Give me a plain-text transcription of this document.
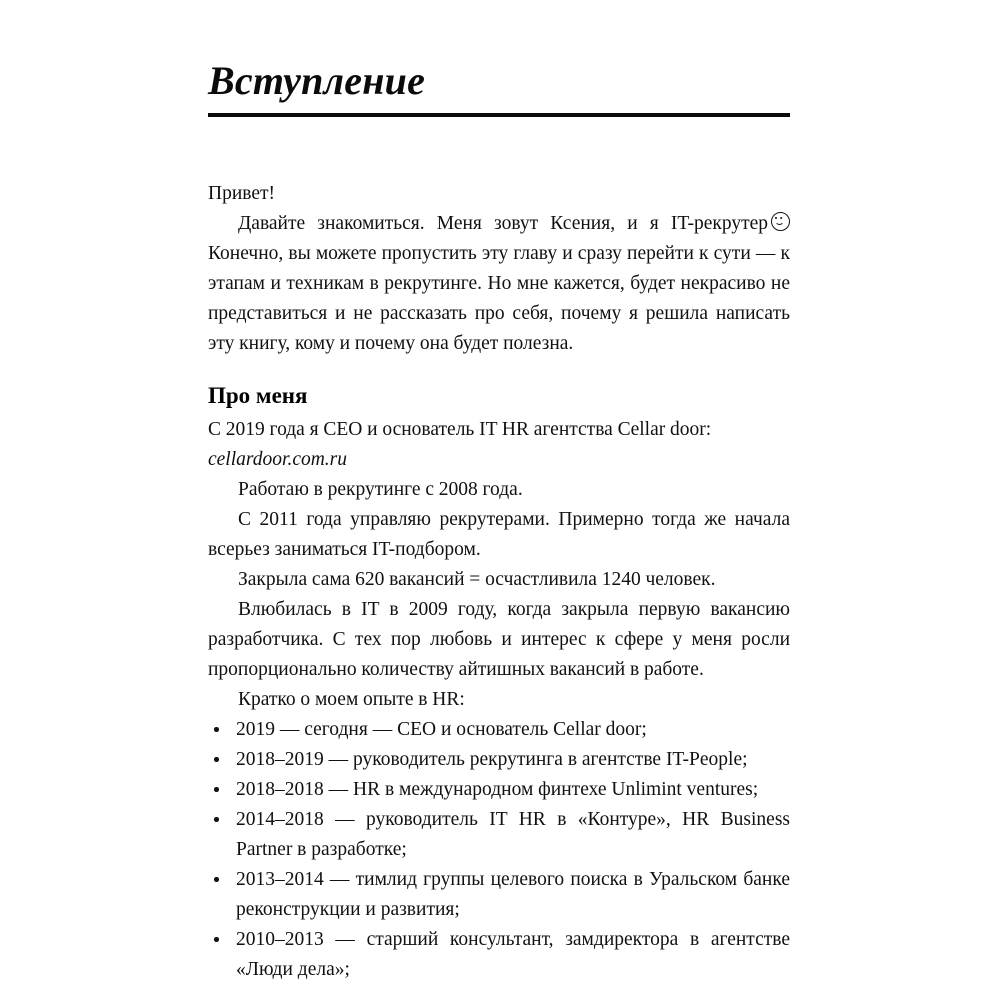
Вступление

Привет!

Давайте знакомиться. Меня зовут Ксения, и я IT-рекрутер Конечно, вы можете пропустить эту главу и сразу перейти к сути — к этапам и техникам в рекрутинге. Но мне кажется, будет некрасиво не представиться и не рассказать про себя, почему я решила написать эту книгу, кому и почему она будет полезна.

Про меня

С 2019 года я CEO и основатель IT HR агентства Cellar door:

cellardoor.com.ru

Работаю в рекрутинге с 2008 года.

С 2011 года управляю рекрутерами. Примерно тогда же начала всерьез заниматься IT-подбором.

Закрыла сама 620 вакансий = осчастливила 1240 человек.

Влюбилась в IT в 2009 году, когда закрыла первую вакансию разработчика. С тех пор любовь и интерес к сфере у меня росли пропорционально количеству айтишных вакансий в работе.

Кратко о моем опыте в HR:

2019 — сегодня — CEO и основатель Cellar door;
2018–2019 — руководитель рекрутинга в агентстве IT-People;
2018–2018 — HR в международном финтехе Unlimint ventures;
2014–2018 — руководитель IT HR в «Контуре», HR Business Partner в разработке;
2013–2014 — тимлид группы целевого поиска в Уральском банке реконструкции и развития;
2010–2013 — старший консультант, замдиректора в агентстве «Люди дела»;
